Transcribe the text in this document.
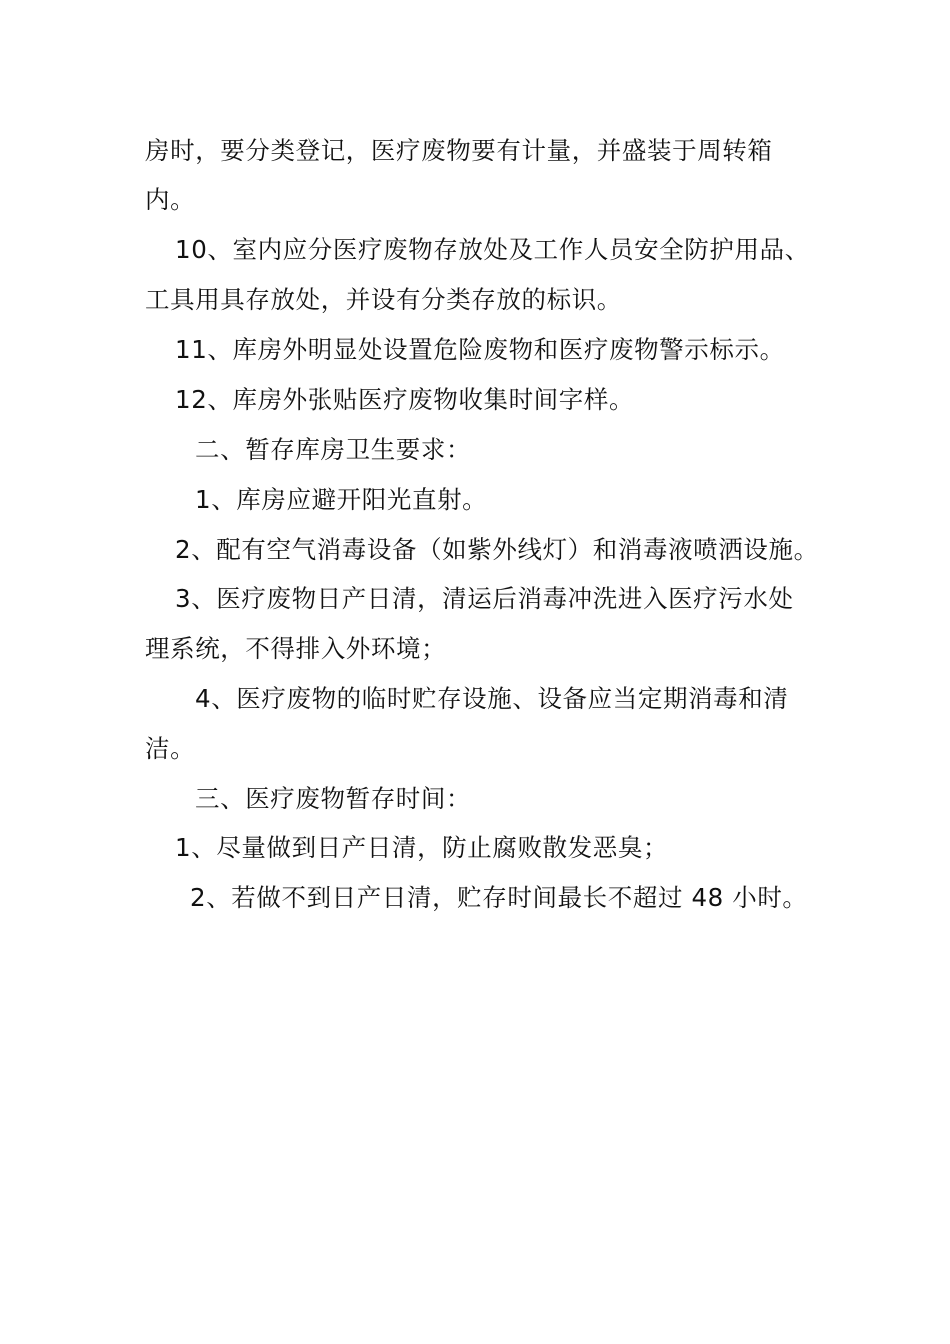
房时，要分类登记，医疗废物要有计量，并盛装于周转箱
内。
10、室内应分医疗废物存放处及工作人员安全防护用品、
工具用具存放处，并设有分类存放的标识。
11、库房外明显处设置危险废物和医疗废物警示标示。
12、库房外张贴医疗废物收集时间字样。
二、暂存库房卫生要求：
1、库房应避开阳光直射。
2、配有空气消毒设备（如紫外线灯）和消毒液喷洒设施。
3、医疗废物日产日清，清运后消毒冲洗进入医疗污水处
理系统，不得排入外环境；
4、医疗废物的临时贮存设施、设备应当定期消毒和清
洁。
三、医疗废物暂存时间：
1、尽量做到日产日清，防止腐败散发恶臭；
2、若做不到日产日清，贮存时间最长不超过 48 小时。
